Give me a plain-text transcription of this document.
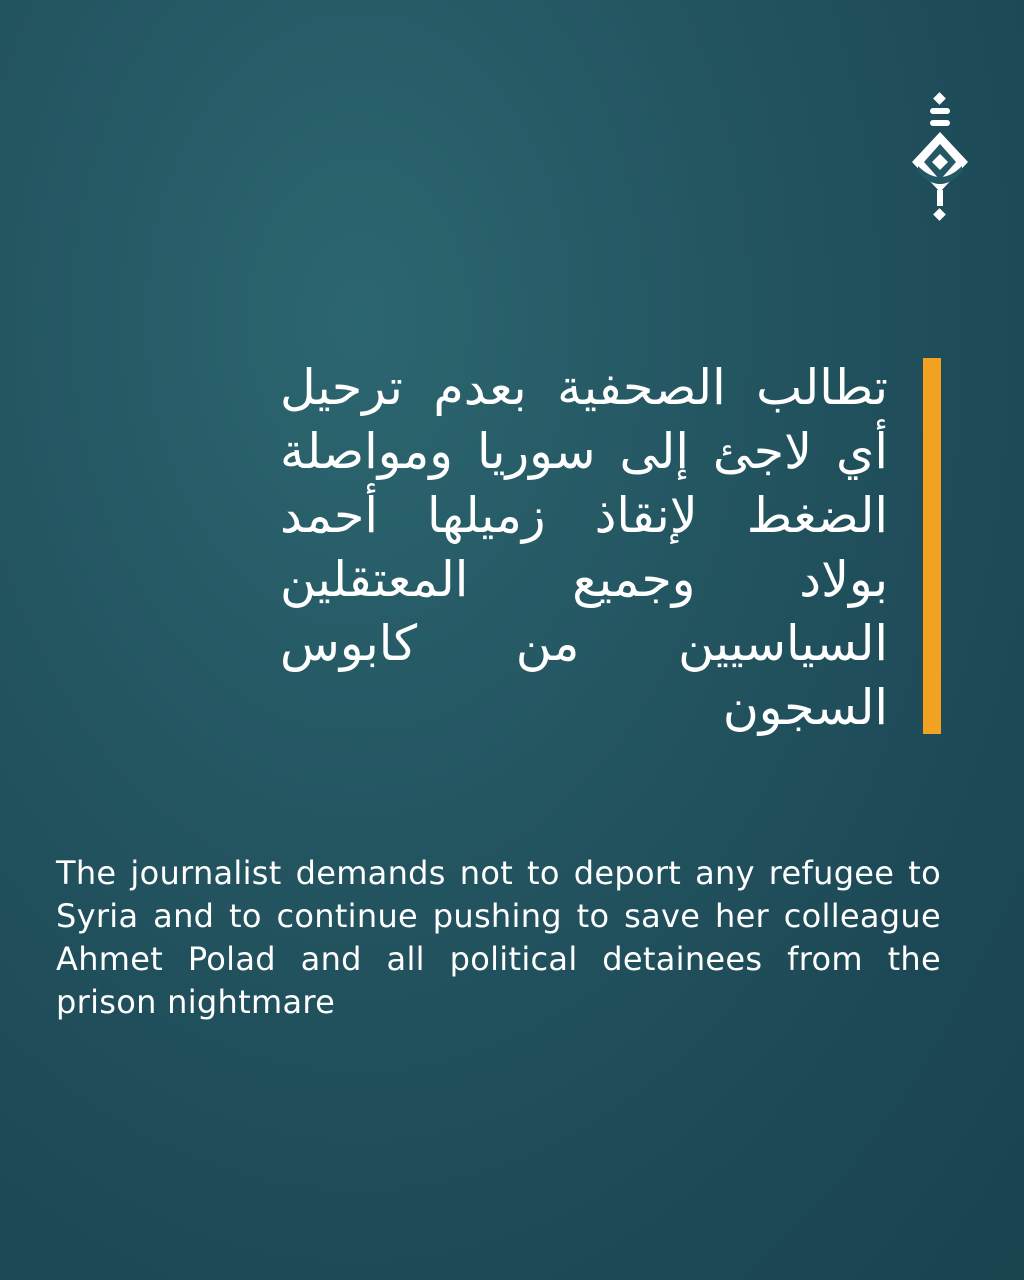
تطالب الصحفية بعدم ترحيل أي لاجئ إلى سوريا ومواصلة الضغط لإنقاذ زميلها أحمد بولاد وجميع المعتقلين السياسيين من كابوس السجون

The journalist demands not to deport any refugee to Syria and to continue pushing to save her colleague Ahmet Polad and all political detainees from the prison nightmare
